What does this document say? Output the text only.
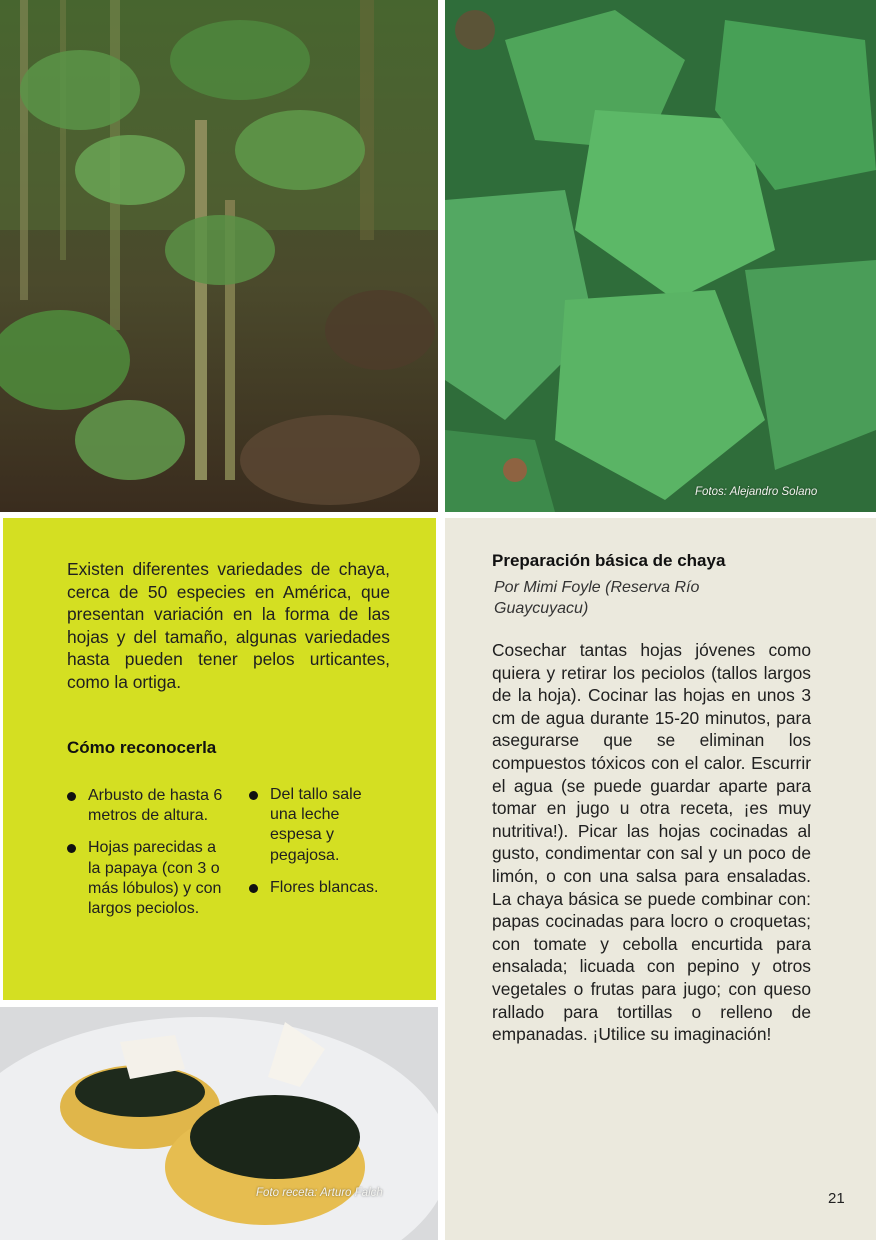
Fotos: Alejandro Solano

Existen diferentes variedades de chaya, cerca de 50 especies en América, que presentan variación en la forma de las hojas y del tamaño, algunas variedades hasta pueden tener pelos urticantes, como la ortiga.

Cómo reconocerla
Arbusto de hasta 6 metros de altura.
Hojas parecidas a la papaya (con 3 o más lóbulos) y con largos peciolos.
Del tallo sale una leche espesa y pegajosa.
Flores blancas.
Foto receta: Arturo Falch
Preparación básica de chaya

Por Mimi Foyle (Reserva Río Guaycuyacu)

Cosechar tantas hojas jóvenes como quiera y retirar los peciolos (tallos largos de la hoja). Cocinar las hojas en unos 3 cm de agua durante 15-20 minutos, para asegurarse que se eliminan los compuestos tóxicos con el calor. Escurrir el agua (se puede guardar aparte para tomar en jugo u otra receta, ¡es muy nutritiva!). Picar las hojas cocinadas al gusto, condimentar con sal y un poco de limón, o con una salsa para ensaladas. La chaya básica se puede combinar con: papas cocinadas para locro o croquetas; con tomate y cebolla encurtida para ensalada; licuada con pepino y otros vegetales o frutas para jugo; con queso rallado para tortillas o relleno de empanadas. ¡Utilice su imaginación!

21
